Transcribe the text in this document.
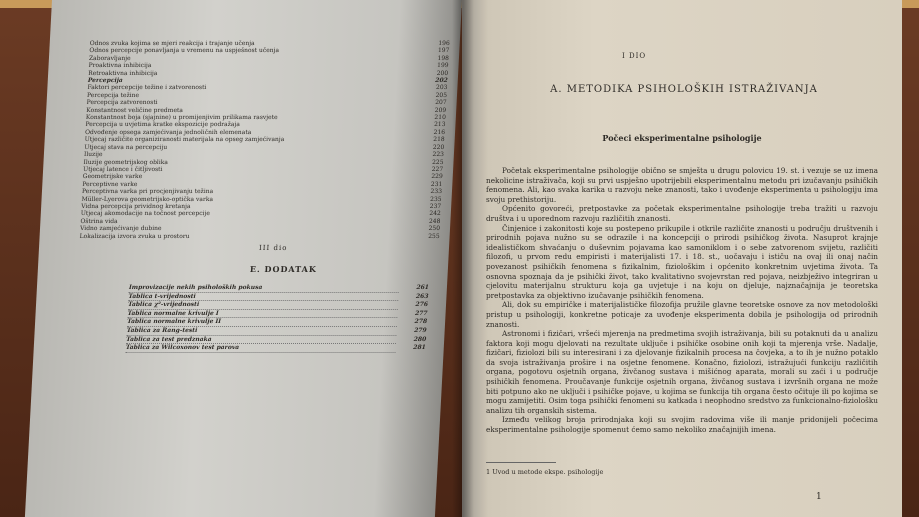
Odnos zvuka kojima se mjeri reakcija i trajanje učenja	196
Odnos percepcije ponavljanja u vremenu na uspješnost učenja	197
Zaboravljanje	198
Proaktivna inhibicija	199
Retroaktivna inhibicija	200
Percepcija	202
Faktori percepcije težine i zatvorenosti	203
Percepcija težine	205
Percepcija zatvorenosti	207
Konstantnost veličine predmeta	209
Konstantnost boja (sjajnine) u promijenjivim prilikama rasvjete	210
Percepcija u uvjetima kratke ekspozicije podražaja	213
Odvođenje opsega zamjećivanja jednoličnih elemenata	216
Utjecaj različite organiziranosti materijala na opseg zamjećivanja	218
Utjecaj stava na percepciju	220
Iluzije	223
Iluzije geometrijskog oblika	225
Utjecaj latence i čitljivosti	227
Geometrijske varke	229
Perceptivne varke	231
Perceptivna varka pri procjenjivanju težina	233
Müller-Lyerova geometrijsko-optička varka	235
Vidna percepcija prividnog kretanja	237
Utjecaj akomodacije na točnost percepcije	242
Oštrina vida	248
Vidno zamjećivanje dubine	250
Lokalizacija izvora zvuka u prostoru	255
III dio
E. DODATAK
Improvizacije nekih psiholoških pokusa	261
Tablica t-vrijednosti	263
Tablica χ²-vrijednosti	276
Tablica normalne krivulje I	277
Tablica normalne krivulje II	278
Tablica za Rang-testi	279
Tablica za test predznaka	280
Tablica za Wilcoxonov test parova	281
I DIO
A. METODIKA PSIHOLOŠKIH ISTRAŽIVANJA
Počeci eksperimentalne psihologije

Početak eksperimentalne psihologije obično se smješta u drugu polovicu 19. st. i vezuje se uz imena nekolicine istraživača, koji su prvi uspješno upotrijebili eksperimentalnu metodu pri izučavanju psihičkih fenomena. Ali, kao svaka karika u razvoju neke znanosti, tako i uvođenje eksperimenta u psihologiju ima svoju prethistoriju.

Općenito govoreći, pretpostavke za početak eksperimentalne psihologije treba tražiti u razvoju društva i u uporednom razvoju različitih znanosti.

Činjenice i zakonitosti koje su postepeno prikupile i otkrile različite znanosti u području društvenih i prirodnih pojava nužno su se odrazile i na koncepciji o prirodi psihičkog života. Nasuprot krajnje idealističkom shvaćanju o duševnim pojavama kao samoniklom i o sebe zatvorenom svijetu, različiti filozofi, u prvom redu empiristi i materijalisti 17. i 18. st., uočavaju i ističu na ovaj ili onaj način povezanost psihičkih fenomena s fizikalnim, fiziološkim i općenito konkretnim uvjetima života. Ta osnovna spoznaja da je psihički život, tako kvalitativno svojevrstan red pojava, neizbježivo integriran u cjelovitu materijalnu strukturu koja ga uvjetuje i na koju on djeluje, najznačajnija je teoretska pretpostavka za objektivno izučavanje psihičkih fenomena.

Ali, dok su empiričke i materijalističke filozofija pružile glavne teoretske osnove za nov metodološki pristup u psihologiji, konkretne poticaje za uvođenje eksperimenta dobila je psihologija od prirodnih znanosti.

Astronomi i fizičari, vršeći mjerenja na predmetima svojih istraživanja, bili su potaknuti da u analizu faktora koji mogu djelovati na rezultate uključe i psihičke osobine onih koji ta mjerenja vrše. Nadalje, fizičari, fiziolozi bili su interesirani i za djelovanje fizikalnih procesa na čovjeka, a to ih je nužno potaklo da svoja istraživanja prošire i na osjetne fenomene. Konačno, fiziolozi, istražujući funkciju različitih organa, pogotovu osjetnih organa, živčanog sustava i mišićnog aparata, morali su zaći i u područje psihičkih fenomena. Proučavanje funkcije osjetnih organa, živčanog sustava i izvršnih organa ne može biti potpuno ako ne uključi i psihičke pojave, u kojima se funkcija tih organa često očituje ili po kojima se mogu zamijetiti. Osim toga psihički fenomeni su katkada i neophodno sredstvo za funkcionalno-fiziološku analizu tih organskih sistema.

Između velikog broja prirodnjaka koji su svojim radovima više ili manje pridonijeli počecima eksperimentalne psihologije spomenut ćemo samo nekoliko značajnijih imena.

1 Uvod u metode ekspe. psihologije
1
